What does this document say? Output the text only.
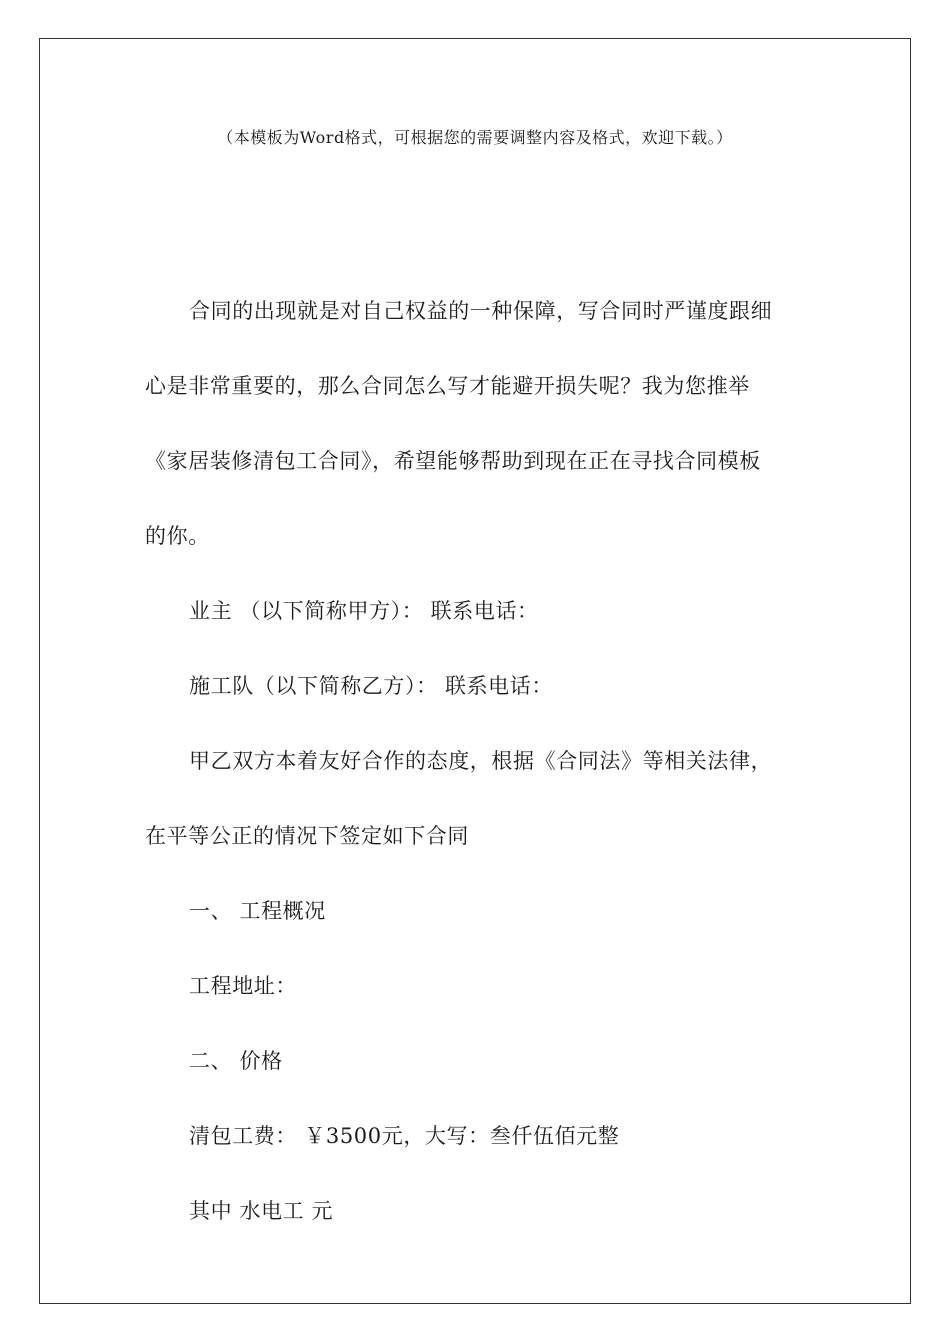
（本模板为Word格式，可根据您的需要调整内容及格式，欢迎下载。）
合同的出现就是对自己权益的一种保障，写合同时严谨度跟细
心是非常重要的，那么合同怎么写才能避开损失呢？我为您推举
《家居装修清包工合同》，希望能够帮助到现在正在寻找合同模板
的你。
业主 （以下简称甲方）： 联系电话：
施工队（以下简称乙方）： 联系电话：
甲乙双方本着友好合作的态度，根据《合同法》等相关法律，
在平等公正的情况下签定如下合同
一、 工程概况
工程地址：
二、 价格
清包工费： ￥3500元，大写：叁仟伍佰元整
其中 水电工 元
